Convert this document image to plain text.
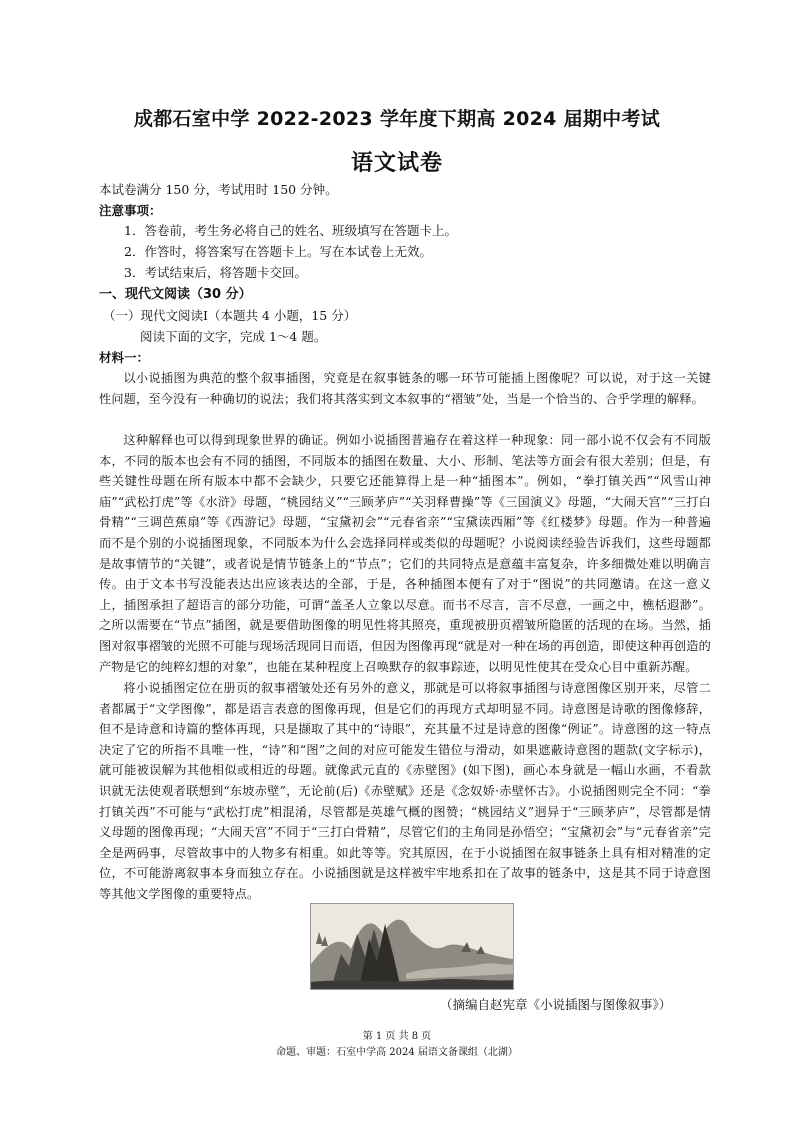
成都石室中学 2022-2023 学年度下期高 2024 届期中考试
语文试卷
本试卷满分 150 分，考试用时 150 分钟。
注意事项：
1．答卷前，考生务必将自己的姓名、班级填写在答题卡上。
2．作答时，将答案写在答题卡上。写在本试卷上无效。
3．考试结束后，将答题卡交回。
一、现代文阅读（30 分）
（一）现代文阅读Ⅰ（本题共 4 小题，15 分）
阅读下面的文字，完成 1～4 题。
材料一：
以小说插图为典范的整个叙事插图，究竟是在叙事链条的哪一环节可能插上图像呢？可以说，对于这一关键性问题，至今没有一种确切的说法；我们将其落实到文本叙事的“褶皱”处，当是一个恰当的、合乎学理的解释。
这种解释也可以得到现象世界的确证。例如小说插图普遍存在着这样一种现象：同一部小说不仅会有不同版本，不同的版本也会有不同的插图，不同版本的插图在数量、大小、形制、笔法等方面会有很大差别；但是，有些关键性母题在所有版本中都不会缺少，只要它还能算得上是一种“插图本”。例如，“拳打镇关西”“风雪山神庙”“武松打虎”等《水浒》母题，“桃园结义”“三顾茅庐”“关羽释曹操”等《三国演义》母题，“大闹天宫”“三打白骨精”“三调芭蕉扇”等《西游记》母题，“宝黛初会”“元春省亲”“宝黛读西厢”等《红楼梦》母题。作为一种普遍而不是个别的小说插图现象，不同版本为什么会选择同样或类似的母题呢？小说阅读经验告诉我们，这些母题都是故事情节的“关键”，或者说是情节链条上的“节点”；它们的共同特点是意蕴丰富复杂，许多细微处难以明确言传。由于文本书写没能表达出应该表达的全部，于是，各种插图本便有了对于“图说”的共同邀请。在这一意义上，插图承担了超语言的部分功能，可谓“盖圣人立象以尽意。而书不尽言，言不尽意，一画之中，樵栝遐渺”。之所以需要在“节点”插图，就是要借助图像的明见性将其照亮，重现被册页褶皱所隐匿的活现的在场。当然，插图对叙事褶皱的光照不可能与现场活现同日而语，但因为图像再现“就是对一种在场的再创造，即使这种再创造的产物是它的纯粹幻想的对象”，也能在某种程度上召唤默存的叙事踪迹，以明见性使其在受众心目中重新苏醒。
将小说插图定位在册页的叙事褶皱处还有另外的意义，那就是可以将叙事插图与诗意图像区别开来，尽管二者都属于“文学图像”，都是语言表意的图像再现，但是它们的再现方式却明显不同。诗意图是诗歌的图像修辞，但不是诗意和诗篇的整体再现，只是撷取了其中的“诗眼”，充其量不过是诗意的图像“例证”。诗意图的这一特点决定了它的所指不具唯一性，“诗”和“图”之间的对应可能发生错位与滑动，如果遮蔽诗意图的题款(文字标示)，就可能被误解为其他相似或相近的母题。就像武元直的《赤壁图》(如下图)，画心本身就是一幅山水画，不看款识就无法使观者联想到“东坡赤壁”，无论前(后)《赤壁赋》还是《念奴娇·赤壁怀古》。小说插图则完全不同：“拳打镇关西”不可能与“武松打虎”相混淆，尽管都是英雄气概的图赞；“桃园结义”迥异于“三顾茅庐”，尽管都是情义母题的图像再现；“大闹天宫”不同于“三打白骨精”，尽管它们的主角同是孙悟空；“宝黛初会”与“元春省亲”完全是两码事，尽管故事中的人物多有相重。如此等等。究其原因，在于小说插图在叙事链条上具有相对精准的定位，不可能游离叙事本身而独立存在。小说插图就是这样被牢牢地系扣在了故事的链条中，这是其不同于诗意图等其他文学图像的重要特点。
（摘编自赵宪章《小说插图与图像叙事》）
第 1 页 共 8 页
命题、审题：石室中学高 2024 届语文备课组（北湖）
